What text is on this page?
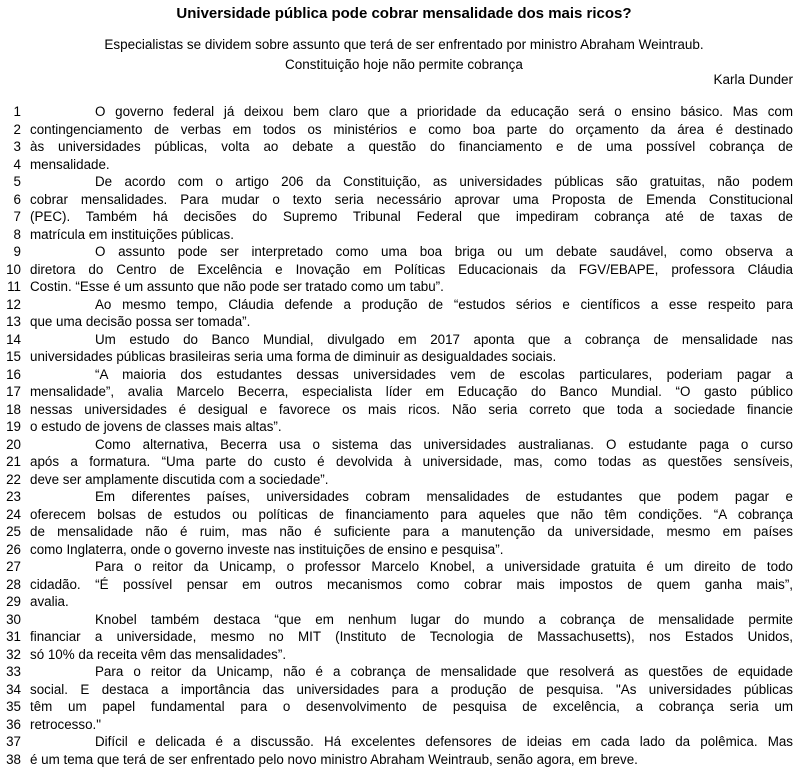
Universidade pública pode cobrar mensalidade dos mais ricos?
Especialistas se dividem sobre assunto que terá de ser enfrentado por ministro Abraham Weintraub.
Constituição hoje não permite cobrança
Karla Dunder
1	O governo federal já deixou bem claro que a prioridade da educação será o ensino básico. Mas com
2 contingenciamento de verbas em todos os ministérios e como boa parte do orçamento da área é destinado
3 às universidades públicas, volta ao debate a questão do financiamento e de uma possível cobrança de
4 mensalidade.
5	De acordo com o artigo 206 da Constituição, as universidades públicas são gratuitas, não podem
6 cobrar mensalidades. Para mudar o texto seria necessário aprovar uma Proposta de Emenda Constitucional
7 (PEC). Também há decisões do Supremo Tribunal Federal que impediram cobrança até de taxas de
8 matrícula em instituições públicas.
9	O assunto pode ser interpretado como uma boa briga ou um debate saudável, como observa a
10 diretora do Centro de Excelência e Inovação em Políticas Educacionais da FGV/EBAPE, professora Cláudia
11 Costin. “Esse é um assunto que não pode ser tratado como um tabu”.
12	Ao mesmo tempo, Cláudia defende a produção de “estudos sérios e científicos a esse respeito para
13 que uma decisão possa ser tomada”.
14	Um estudo do Banco Mundial, divulgado em 2017 aponta que a cobrança de mensalidade nas
15 universidades públicas brasileiras seria uma forma de diminuir as desigualdades sociais.
16	“A maioria dos estudantes dessas universidades vem de escolas particulares, poderiam pagar a
17 mensalidade”, avalia Marcelo Becerra, especialista líder em Educação do Banco Mundial. “O gasto público
18 nessas universidades é desigual e favorece os mais ricos. Não seria correto que toda a sociedade financie
19 o estudo de jovens de classes mais altas”.
20	Como alternativa, Becerra usa o sistema das universidades australianas. O estudante paga o curso
21 após a formatura. “Uma parte do custo é devolvida à universidade, mas, como todas as questões sensíveis,
22 deve ser amplamente discutida com a sociedade”.
23	Em diferentes países, universidades cobram mensalidades de estudantes que podem pagar e
24 oferecem bolsas de estudos ou políticas de financiamento para aqueles que não têm condições. “A cobrança
25 de mensalidade não é ruim, mas não é suficiente para a manutenção da universidade, mesmo em países
26 como Inglaterra, onde o governo investe nas instituições de ensino e pesquisa”.
27	Para o reitor da Unicamp, o professor Marcelo Knobel, a universidade gratuita é um direito de todo
28 cidadão. “É possível pensar em outros mecanismos como cobrar mais impostos de quem ganha mais”,
29 avalia.
30	Knobel também destaca “que em nenhum lugar do mundo a cobrança de mensalidade permite
31 financiar a universidade, mesmo no MIT (Instituto de Tecnologia de Massachusetts), nos Estados Unidos,
32 só 10% da receita vêm das mensalidades”.
33	Para o reitor da Unicamp, não é a cobrança de mensalidade que resolverá as questões de equidade
34 social. E destaca a importância das universidades para a produção de pesquisa. "As universidades públicas
35 têm um papel fundamental para o desenvolvimento de pesquisa de excelência, a cobrança seria um
36 retrocesso."
37	Difícil e delicada é a discussão. Há excelentes defensores de ideias em cada lado da polêmica. Mas
38 é um tema que terá de ser enfrentado pelo novo ministro Abraham Weintraub, senão agora, em breve.
